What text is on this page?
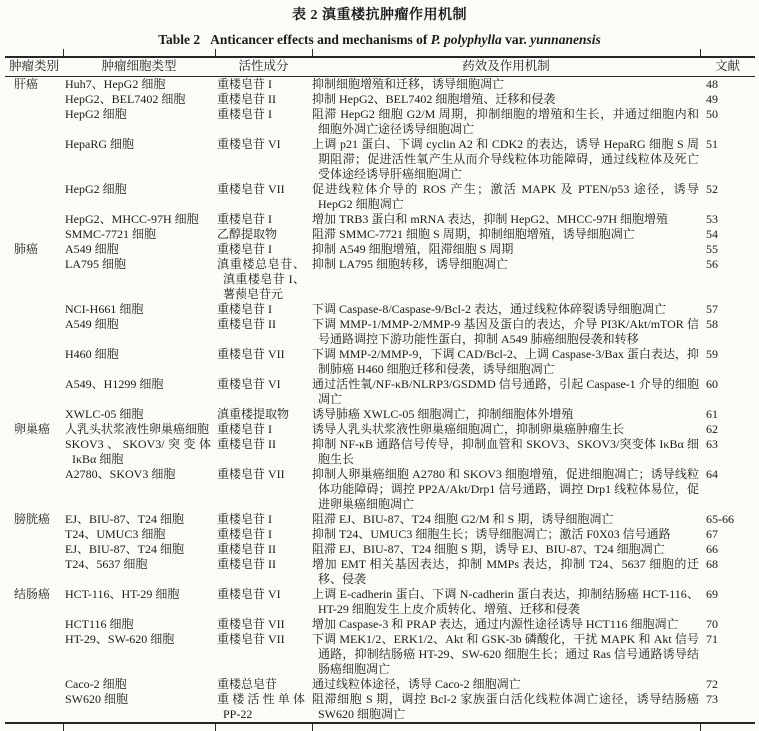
表 2 滇重楼抗肿瘤作用机制
Table 2 Anticancer effects and mechanisms of P. polyphylla var. yunnanensis
肿瘤类别	肿瘤细胞类型	活性成分	药效及作用机制	文献
肝癌	Huh7、HepG2 细胞	重楼皂苷 I	抑制细胞增殖和迁移，诱导细胞凋亡	48
	HepG2、BEL7402 细胞	重楼皂苷 II	抑制 HepG2、BEL7402 细胞增殖、迁移和侵袭	49
	HepG2 细胞	重楼皂苷 I	阻滞 HepG2 细胞 G2/M 周期，抑制细胞的增殖和生长，并通过细胞内和细胞外凋亡途径诱导细胞凋亡	50
	HepaRG 细胞	重楼皂苷 VI	上调 p21 蛋白、下调 cyclin A2 和 CDK2 的表达，诱导 HepaRG 细胞 S 周期阻滞；促进活性氧产生从而介导线粒体功能障碍，通过线粒体及死亡受体途经诱导肝癌细胞凋亡	51
	HepG2 细胞	重楼皂苷 VII	促进线粒体介导的 ROS 产生；激活 MAPK 及 PTEN/p53 途径，诱导 HepG2 细胞凋亡	52
	HepG2、MHCC-97H 细胞	重楼皂苷 I	增加 TRB3 蛋白和 mRNA 表达，抑制 HepG2、MHCC-97H 细胞增殖	53
	SMMC-7721 细胞	乙醇提取物	阻滞 SMMC-7721 细胞 S 周期，抑制细胞增殖，诱导细胞凋亡	54
肺癌	A549 细胞	重楼皂苷 I	抑制 A549 细胞增殖，阻滞细胞 S 周期	55
	LA795 细胞	滇重楼总皂苷、滇重楼皂苷 I、薯蓣皂苷元	抑制 LA795 细胞转移，诱导细胞凋亡	56
	NCI-H661 细胞	重楼皂苷 I	下调 Caspase-8/Caspase-9/Bcl-2 表达，通过线粒体碎裂诱导细胞凋亡	57
	A549 细胞	重楼皂苷 II	下调 MMP-1/MMP-2/MMP-9 基因及蛋白的表达，介导 PI3K/Akt/mTOR 信号通路调控下游功能性蛋白，抑制 A549 肺癌细胞侵袭和转移	58
	H460 细胞	重楼皂苷 VII	下调 MMP-2/MMP-9，下调 CAD/Bcl-2、上调 Caspase-3/Bax 蛋白表达，抑制肺癌 H460 细胞迁移和侵袭，诱导细胞凋亡	59
	A549、H1299 细胞	重楼皂苷 VI	通过活性氧/NF-κB/NLRP3/GSDMD 信号通路，引起 Caspase-1 介导的细胞凋亡	60
	XWLC-05 细胞	滇重楼提取物	诱导肺癌 XWLC-05 细胞凋亡，抑制细胞体外增殖	61
卵巢癌	人乳头状浆液性卵巢癌细胞	重楼皂苷 I	诱导人乳头状浆液性卵巢癌细胞凋亡，抑制卵巢癌肿瘤生长	62
	SKOV3、SKOV3/突变体 IκBα 细胞	重楼皂苷 II	抑制 NF-κB 通路信号传导，抑制血管和 SKOV3、SKOV3/突变体 IκBα 细胞生长	63
	A2780、SKOV3 细胞	重楼皂苷 VII	抑制人卵巢癌细胞 A2780 和 SKOV3 细胞增殖，促进细胞凋亡；诱导线粒体功能障碍；调控 PP2A/Akt/Drp1 信号通路，调控 Drp1 线粒体易位，促进卵巢癌细胞凋亡	64
膀胱癌	EJ、BIU-87、T24 细胞	重楼皂苷 I	阻滞 EJ、BIU-87、T24 细胞 G2/M 和 S 期，诱导细胞凋亡	65-66
	T24、UMUC3 细胞	重楼皂苷 I	抑制 T24、UMUC3 细胞生长；诱导细胞凋亡；激活 F0X03 信号通路	67
	EJ、BIU-87、T24 细胞	重楼皂苷 II	阻滞 EJ、BIU-87、T24 细胞 S 期，诱导 EJ、BIU-87、T24 细胞凋亡	66
	T24、5637 细胞	重楼皂苷 II	增加 EMT 相关基因表达，抑制 MMPs 表达，抑制 T24、5637 细胞的迁移、侵袭	68
结肠癌	HCT-116、HT-29 细胞	重楼皂苷 VI	上调 E-cadherin 蛋白、下调 N-cadherin 蛋白表达，抑制结肠癌 HCT-116、HT-29 细胞发生上皮介质转化、增殖、迁移和侵袭	69
	HCT116 细胞	重楼皂苷 VII	增加 Caspase-3 和 PRAP 表达，通过内源性途径诱导 HCT116 细胞凋亡	70
	HT-29、SW-620 细胞	重楼皂苷 VII	下调 MEK1/2、ERK1/2、Akt 和 GSK-3b 磷酸化，干扰 MAPK 和 Akt 信号通路，抑制结肠癌 HT-29、SW-620 细胞生长；通过 Ras 信号通路诱导结肠癌细胞凋亡	71
	Caco-2 细胞	重楼总皂苷	通过线粒体途径，诱导 Caco-2 细胞凋亡	72
	SW620 细胞	重楼活性单体 PP-22	阻滞细胞 S 期，调控 Bcl-2 家族蛋白活化线粒体凋亡途径，诱导结肠癌 SW620 细胞凋亡	73
